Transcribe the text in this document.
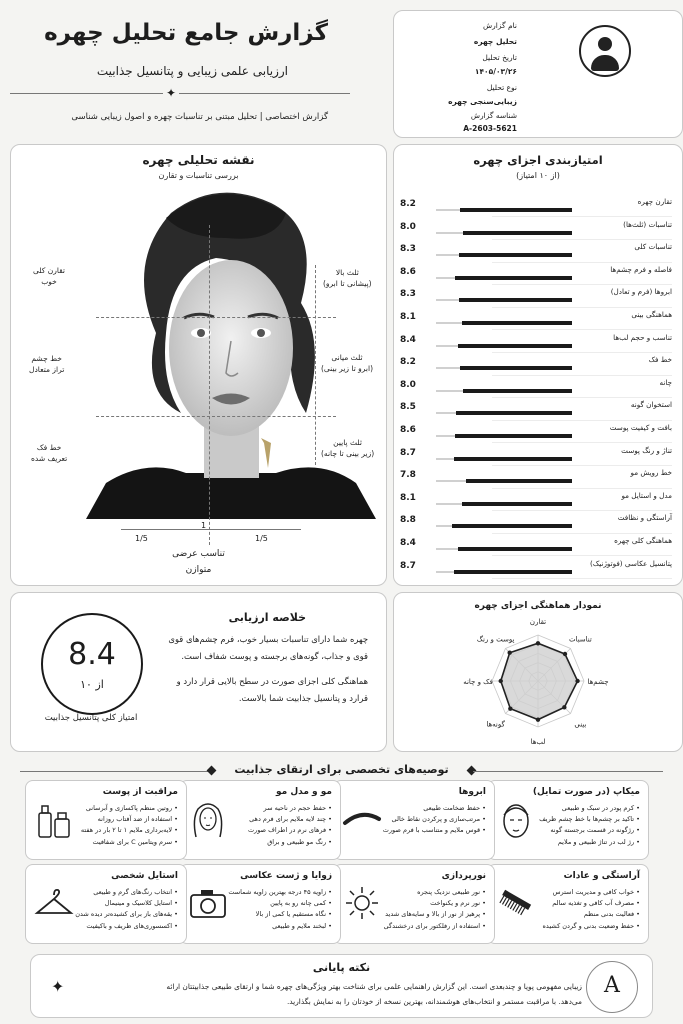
گزارش جامع تحلیل چهره
ارزیابی علمی زیبایی و پتانسیل جذابیت
✦
گزارش اختصاصی | تحلیل مبتنی بر تناسبات چهره و اصول زیبایی شناسی
نام گزارش
تحلیل چهره
تاریخ تحلیل
۱۴۰۵/۰۳/۲۶
نوع تحلیل
زیبایی‌سنجی چهره
شناسه گزارش
A-2603-5621
نقشه تحلیلی چهره
بررسی تناسبات و تقارن
تقارن کلی
خوب
خط چشم
تراز متعادل
خط فک
تعریف شده
ثلث بالا
(پیشانی تا ابرو)
ثلث میانی
(ابرو تا زیر بینی)
ثلث پایین
(زیر بینی تا چانه)
1/5
1
1/5
تناسب عرضی
متوازن
امتیازبندی اجزای چهره
(از ۱۰ امتیاز)
تقارن چهره
8.2
تناسبات (ثلث‌ها)
8.0
تناسبات کلی
8.3
فاصله و فرم چشم‌ها
8.6
ابروها (فرم و تعادل)
8.3
هماهنگی بینی
8.1
تناسب و حجم لب‌ها
8.4
خط فک
8.2
چانه
8.0
استخوان گونه
8.5
بافت و کیفیت پوست
8.6
تناژ و رنگ پوست
8.7
خط رویش مو
7.8
مدل و استایل مو
8.1
آراستگی و نظافت
8.8
هماهنگی کلی چهره
8.4
پتانسیل عکاسی (فوتوژنیک)
8.7
8.4
از ۱۰
امتیاز کلی پتانسیل جذابیت
خلاصه ارزیابی
چهره شما دارای تناسبات بسیار خوب، فرم چشم‌های قوی قوی و جذاب، گونه‌های برجسته و پوست شفاف است.
هماهنگی کلی اجزای صورت در سطح بالایی قرار دارد و قرارد و پتانسیل جذابیت شما بالاست.
نمودار هماهنگی اجزای چهره
تقارن
تناسبات
چشم‌ها
بینی
لب‌ها
گونه‌ها
فک و چانه
پوست و رنگ
توصیه‌های تخصصی برای ارتقای جذابیت
میکاپ (در صورت تمایل)
• کرم پودر در سبک و طبیعی
• تاکید بر چشم‌ها با خط چشم ظریف
• رژگونه در قسمت برجسته گونه
• رژ لب در تناژ طبیعی و ملایم
ابروها
• حفظ ضخامت طبیعی
• مرتب‌سازی و پرکردن نقاط خالی
• قوس ملایم و متناسب با فرم صورت
مو و مدل مو
• حفظ حجم در ناحیه سر
• چند لایه ملایم برای فرم دهی
• فرهای نرم در اطراف صورت
• رنگ مو طبیعی و براق
مراقبت از پوست
• روتین منظم پاکسازی و آبرسانی
• استفاده از ضد آفتاب روزانه
• لایه‌برداری ملایم ۱ تا ۲ بار در هفته
• سرم ویتامین C برای شفافیت
آراستگی و عادات
• خواب کافی و مدیریت استرس
• مصرف آب کافی و تغذیه سالم
• فعالیت بدنی منظم
• حفظ وضعیت بدنی و گردن کشیده
نورپردازی
• نور طبیعی نزدیک پنجره
• نور نرم و یکنواخت
• پرهیز از نور از بالا و سایه‌های شدید
• استفاده از رفلکتور برای درخشندگی
زوایا و ژست عکاسی
• زاویه ۴۵ درجه بهترین زاویه شماست
• کمی چانه رو به پایین
• نگاه مستقیم یا کمی از بالا
• لبخند ملایم و طبیعی
استایل شخصی
• انتخاب رنگ‌های گرم و طبیعی
• استایل کلاسیک و مینیمال
• یقه‌های باز برای کشیده‌تر دیده شدن
• اکسسوری‌های ظریف و باکیفیت
نکته پایانی
زیبایی مفهومی پویا و چندبعدی است. این گزارش راهنمایی علمی برای شناخت بهتر ویژگی‌های چهره شما و ارتقای طبیعی جذابیتتان ارائه می‌دهد. با مراقبت مستمر و انتخاب‌های هوشمندانه، بهترین نسخه از خودتان را به نمایش بگذارید.
✦	A
